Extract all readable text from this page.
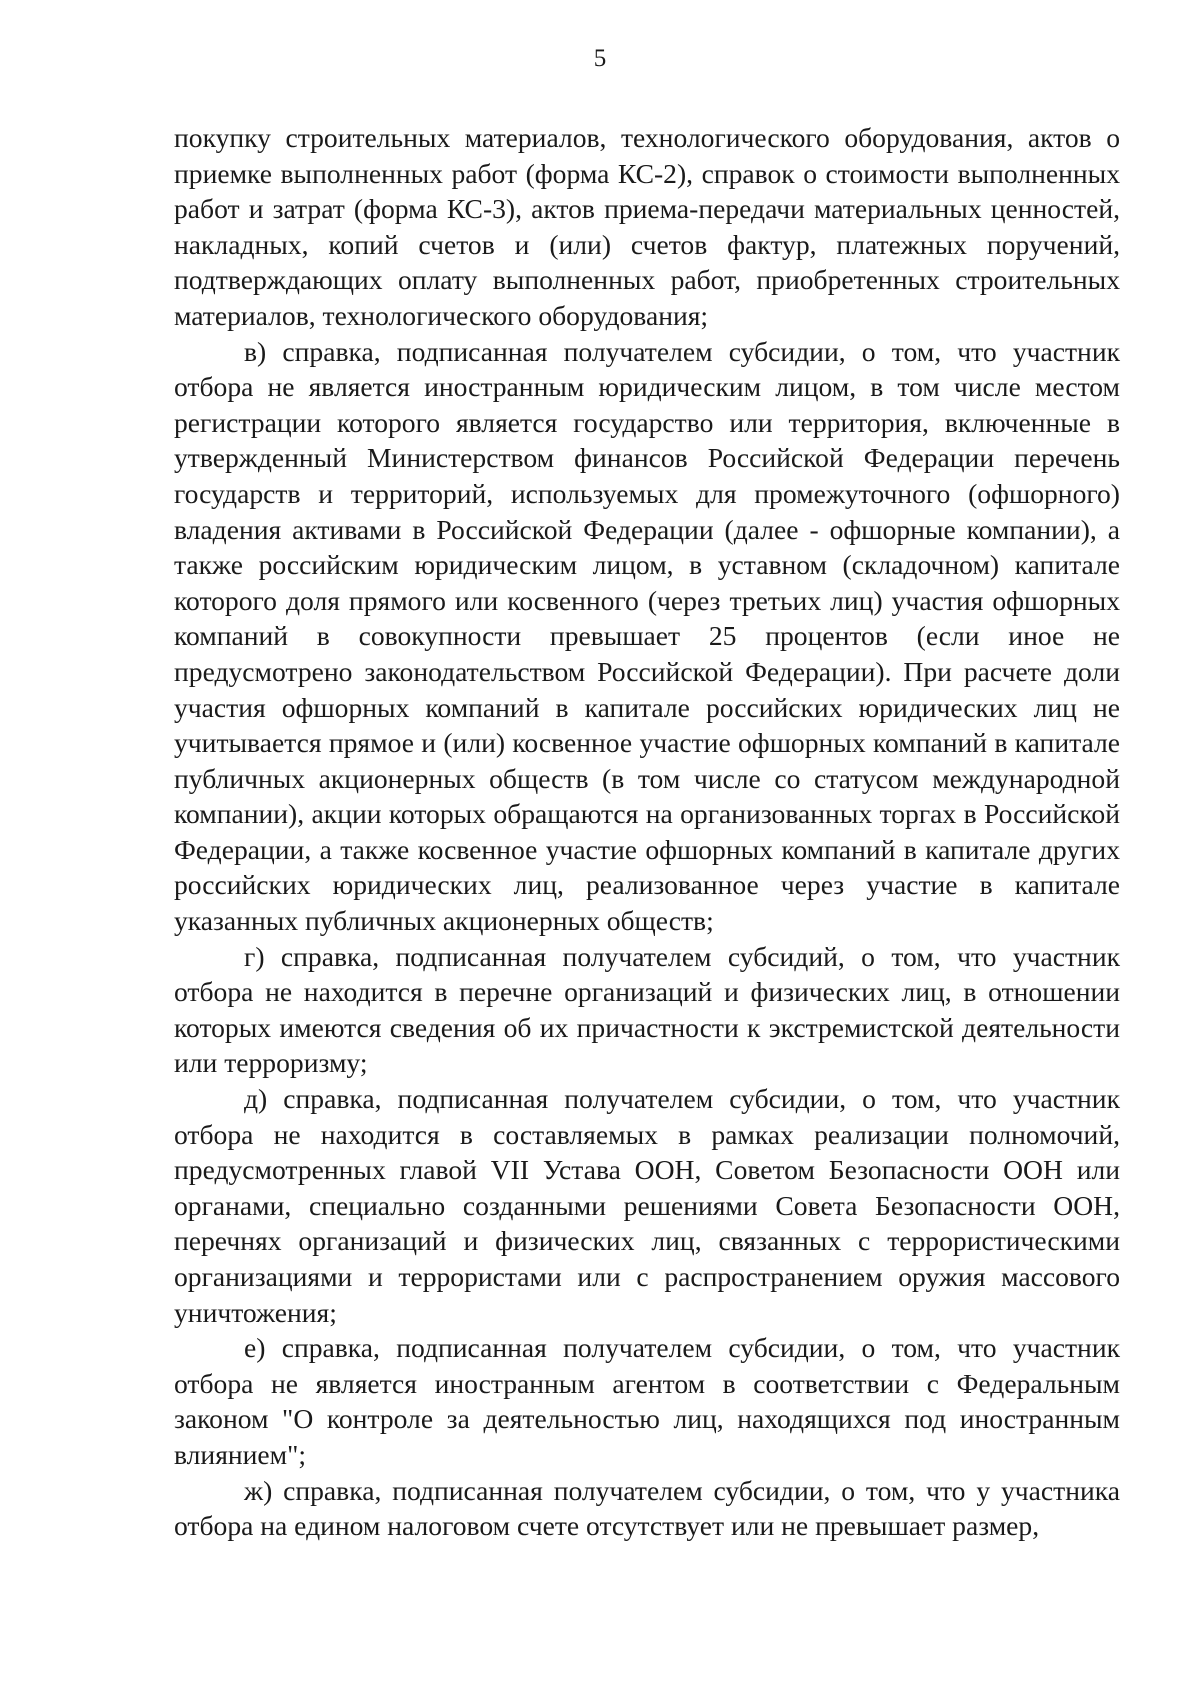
5

покупку строительных материалов, технологического оборудования, актов о приемке выполненных работ (форма КС-2), справок о стоимости выполненных работ и затрат (форма КС-3), актов приема-передачи материальных ценностей, накладных, копий счетов и (или) счетов фактур, платежных поручений, подтверждающих оплату выполненных работ, приобретенных строительных материалов, технологического оборудования;

в) справка, подписанная получателем субсидии, о том, что участник отбора не является иностранным юридическим лицом, в том числе местом регистрации которого является государство или территория, включенные в утвержденный Министерством финансов Российской Федерации перечень государств и территорий, используемых для промежуточного (офшорного) владения активами в Российской Федерации (далее - офшорные компании), а также российским юридическим лицом, в уставном (складочном) капитале которого доля прямого или косвенного (через третьих лиц) участия офшорных компаний в совокупности превышает 25 процентов (если иное не предусмотрено законодательством Российской Федерации). При расчете доли участия офшорных компаний в капитале российских юридических лиц не учитывается прямое и (или) косвенное участие офшорных компаний в капитале публичных акционерных обществ (в том числе со статусом международной компании), акции которых обращаются на организованных торгах в Российской Федерации, а также косвенное участие офшорных компаний в капитале других российских юридических лиц, реализованное через участие в капитале указанных публичных акционерных обществ;

г) справка, подписанная получателем субсидий, о том, что участник отбора не находится в перечне организаций и физических лиц, в отношении которых имеются сведения об их причастности к экстремистской деятельности или терроризму;

д) справка, подписанная получателем субсидии, о том, что участник отбора не находится в составляемых в рамках реализации полномочий, предусмотренных главой VII Устава ООН, Советом Безопасности ООН или органами, специально созданными решениями Совета Безопасности ООН, перечнях организаций и физических лиц, связанных с террористическими организациями и террористами или с распространением оружия массового уничтожения;

е) справка, подписанная получателем субсидии, о том, что участник отбора не является иностранным агентом в соответствии с Федеральным законом "О контроле за деятельностью лиц, находящихся под иностранным влиянием";

ж) справка, подписанная получателем субсидии, о том, что у участника отбора на едином налоговом счете отсутствует или не превышает размер,
